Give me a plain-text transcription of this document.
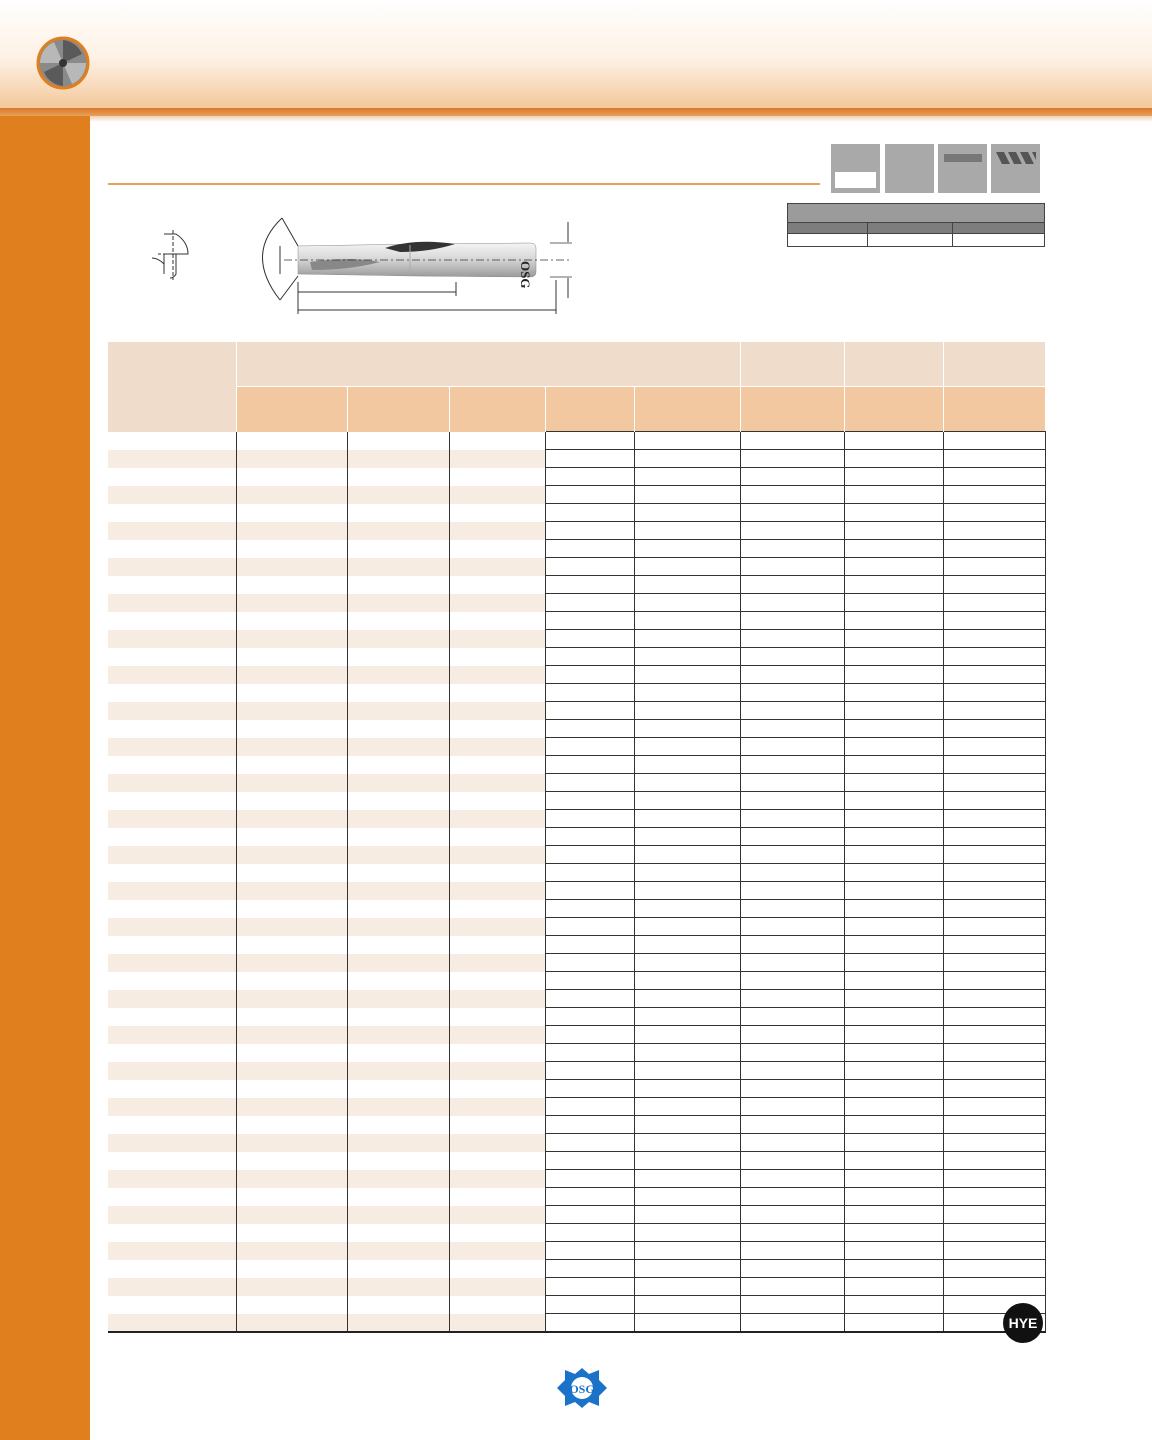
OSG

HYE
OSG
